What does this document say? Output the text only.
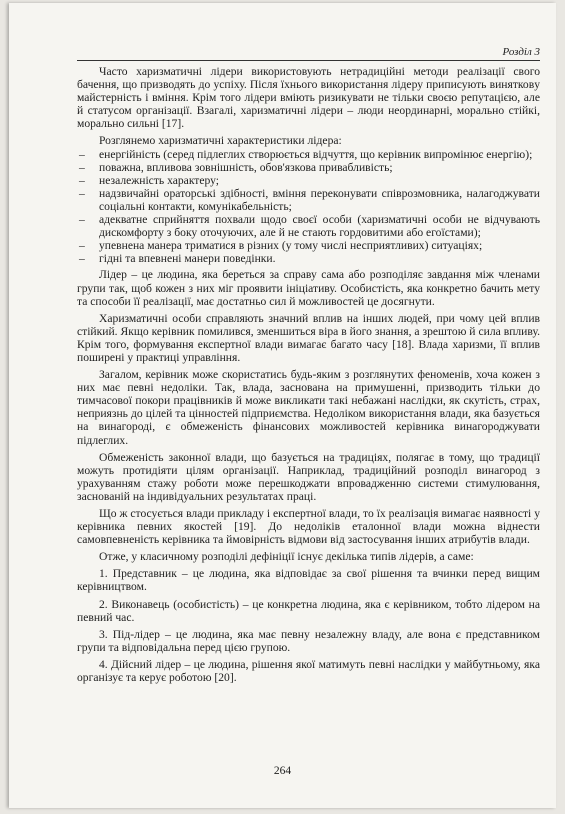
Розділ 3

Часто харизматичні лідери використовують нетрадиційні методи реалізації свого бачення, що призводять до успіху. Після їхнього використання лідеру приписують винятковy майстерність і вміння. Крім того лідери вміють ризикувати не тільки своєю репутацією, але й статусом організації. Взагалі, харизматичні лідери – люди неординарні, морально стійкі, морально сильні [17].

Розглянемо харизматичні характеристики лідера:

– енергійність (серед підлеглих створюється відчуття, що керівник випромінює енергію);
– поважна, впливова зовнішність, обов'язкова привабливість;
– незалежність характеру;
– надзвичайні ораторські здібності, вміння переконувати співрозмовника, налагоджувати соціальні контакти, комунікабельність;
– адекватне сприйняття похвали щодо своєї особи (харизматичні особи не відчувають дискомфорту з боку оточуючих, але й не стають гордовитими або егоїстами);
– упевнена манера триматися в різних (у тому числі несприятливих) ситуаціях;
– гідні та впевнені манери поведінки.

Лідер – це людина, яка береться за справу сама або розподіляє завдання між членами групи так, щоб кожен з них міг проявити ініціативу. Особистість, яка конкретно бачить мету та способи її реалізації, має достатньо сил й можливостей це досягнути.

Харизматичні особи справляють значний вплив на інших людей, при чому цей вплив стійкий. Якщо керівник помилився, зменшиться віра в його знання, а зрештою й сила впливу. Крім того, формування експертної влади вимагає багато часу [18]. Влада харизми, її вплив поширені у практиці управління.

Загалом, керівник може скористатись будь-яким з розглянутих феноменів, хоча кожен з них має певні недоліки. Так, влада, заснована на примушенні, призводить тільки до тимчасової покори працівників й може викликати такі небажані наслідки, як скутість, страх, неприязнь до цілей та цінностей підприємства. Недоліком використання влади, яка базується на винагороді, є обмеженість фінансових можливостей керівника винагороджувати підлеглих.

Обмеженість законної влади, що базується на традиціях, полягає в тому, що традиції можуть протидіяти цілям організації. Наприклад, традиційний розподіл винагород з урахуванням стажу роботи може перешкоджати впровадженню системи стимулювання, заснованій на індивідуальних результатах праці.

Що ж стосується влади прикладу і експертної влади, то їх реалізація вимагає наявності у керівника певних якостей [19]. До недоліків еталонної влади можна віднести самовпевненість керівника та ймовірність відмови від застосування інших атрибутів влади.

Отже, у класичному розподілі дефініції існує декілька типів лідерів, а саме:

1. Представник – це людина, яка відповідає за свої рішення та вчинки перед вищим керівництвом.

2. Виконавець (особистість) – це конкретна людина, яка є керівником, тобто лідером на певний час.

3. Під-лідер – це людина, яка має певну незалежну владу, але вона є представником групи та відповідальна перед цією групою.

4. Дійсний лідер – це людина, рішення якої матимуть певні наслідки у майбутньому, яка організує та керує роботою [20].

264
